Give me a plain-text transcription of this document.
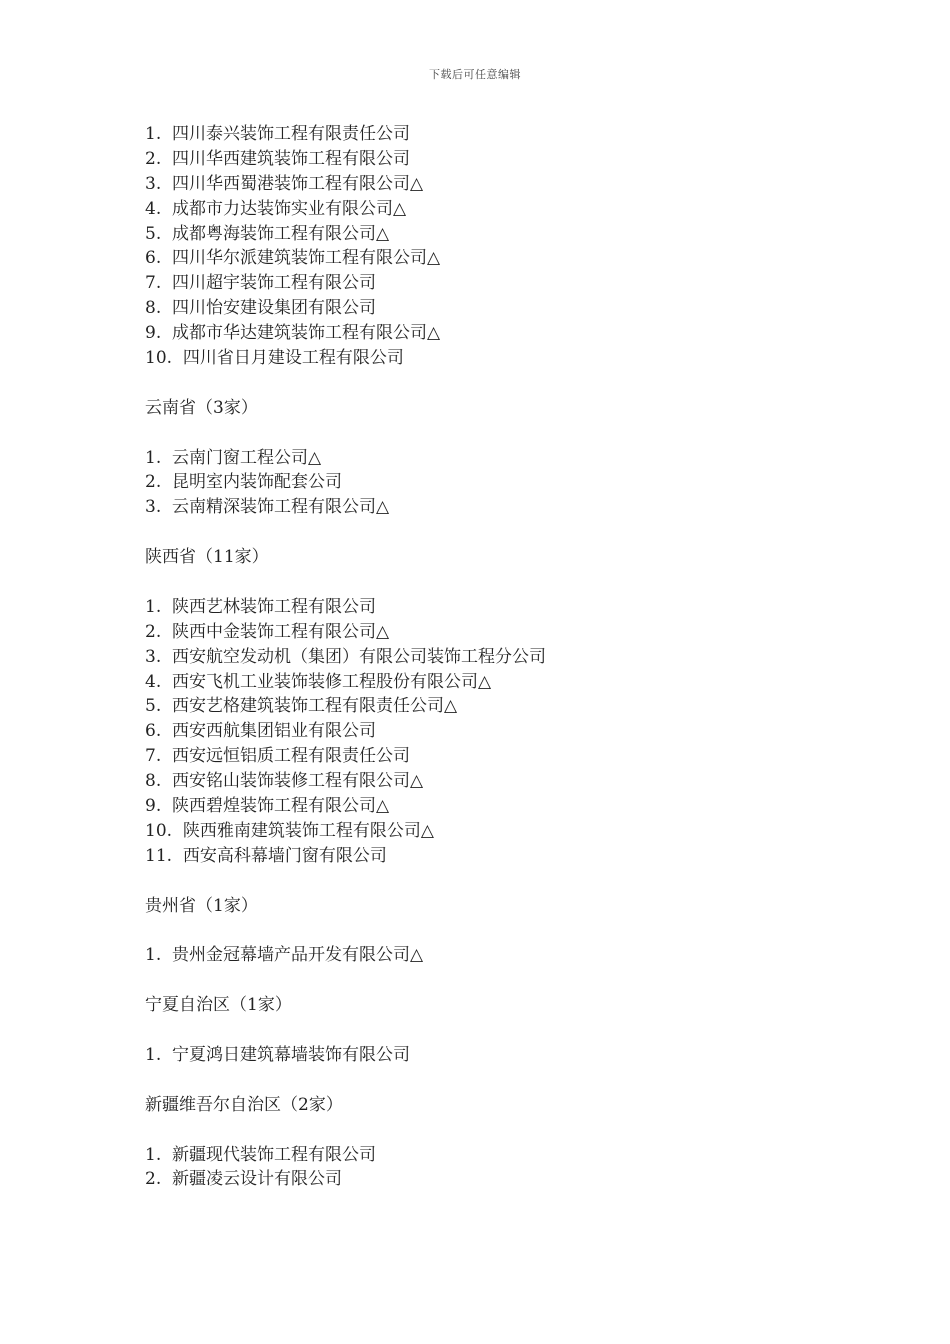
下载后可任意编辑
1. 四川泰兴装饰工程有限责任公司
2. 四川华西建筑装饰工程有限公司
3. 四川华西蜀港装饰工程有限公司△
4. 成都市力达装饰实业有限公司△
5. 成都粤海装饰工程有限公司△
6. 四川华尔派建筑装饰工程有限公司△
7. 四川超宇装饰工程有限公司
8. 四川怡安建设集团有限公司
9. 成都市华达建筑装饰工程有限公司△
10. 四川省日月建设工程有限公司
云南省（3家）
1. 云南门窗工程公司△
2. 昆明室内装饰配套公司
3. 云南精深装饰工程有限公司△
陕西省（11家）
1. 陕西艺林装饰工程有限公司
2. 陕西中金装饰工程有限公司△
3. 西安航空发动机（集团）有限公司装饰工程分公司
4. 西安飞机工业装饰装修工程股份有限公司△
5. 西安艺格建筑装饰工程有限责任公司△
6. 西安西航集团铝业有限公司
7. 西安远恒铝质工程有限责任公司
8. 西安铭山装饰装修工程有限公司△
9. 陕西碧煌装饰工程有限公司△
10. 陕西雅南建筑装饰工程有限公司△
11. 西安高科幕墙门窗有限公司
贵州省（1家）
1. 贵州金冠幕墙产品开发有限公司△
宁夏自治区（1家）
1. 宁夏鸿日建筑幕墙装饰有限公司
新疆维吾尔自治区（2家）
1. 新疆现代装饰工程有限公司
2. 新疆凌云设计有限公司
